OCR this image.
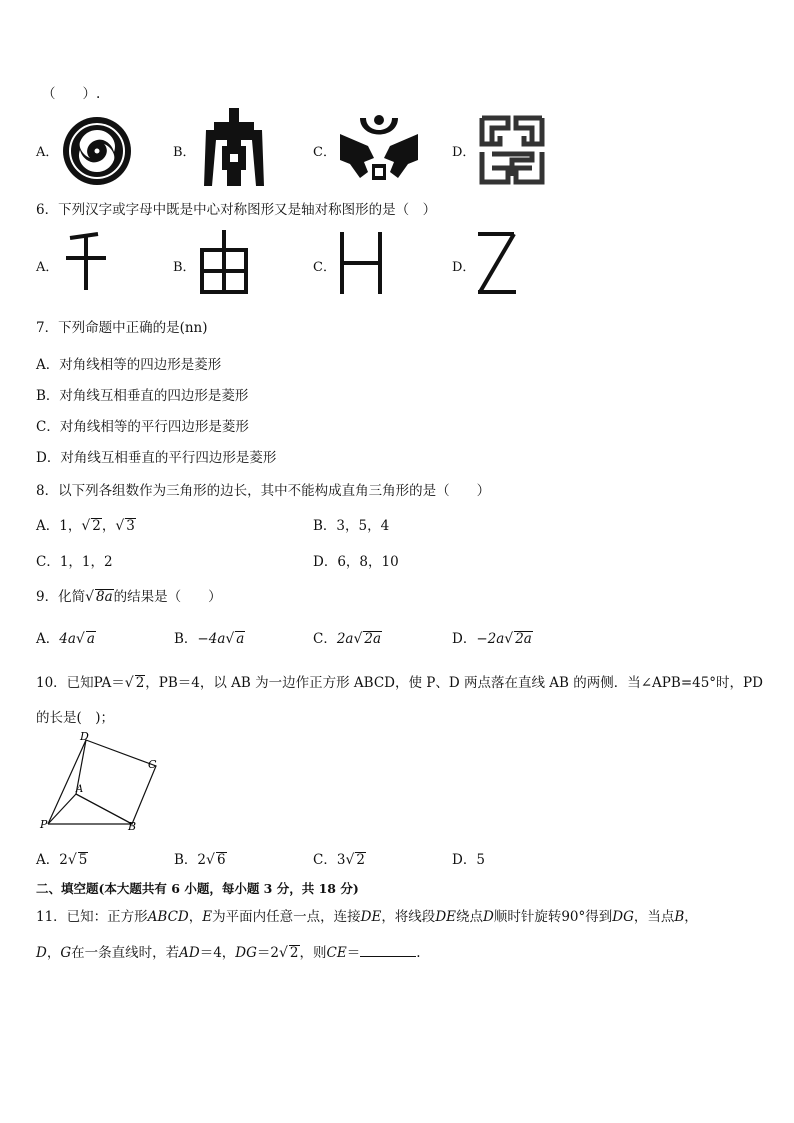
（　　）.
A．	B．	C．	D．
6．下列汉字或字母中既是中心对称图形又是轴对称图形的是（　）
A．	B．	C．	D．
7．下列命题中正确的是(nn)
A．对角线相等的四边形是菱形
B．对角线互相垂直的四边形是菱形
C．对角线相等的平行四边形是菱形
D．对角线互相垂直的平行四边形是菱形
8．以下列各组数作为三角形的边长，其中不能构成直角三角形的是（　　）
A．1，√ 2，√ 3	B．3，5，4
C．1，1，2	D．6，8，10
9．化简√ 8a的结果是（　　）
A．4a√ a	B．−4a√ a	C．2a√ 2a	D．−2a√ 2a
10．已知PA＝√ 2，PB＝4，以 AB 为一边作正方形 ABCD，使 P、D 两点落在直线 AB 的两侧．当∠APB=45°时，PD
的长是(　)；
D
C
A
P	B
A．2√ 5	B．2√ 6	C．3√ 2	D．5
二、填空题(本大题共有 6 小题，每小题 3 分，共 18 分)
11．已知：正方形ABCD，E为平面内任意一点，连接DE，将线段DE绕点D顺时针旋转90°得到DG，当点B，
D，G在一条直线时，若AD＝4，DG＝2√ 2，则CE＝	.
